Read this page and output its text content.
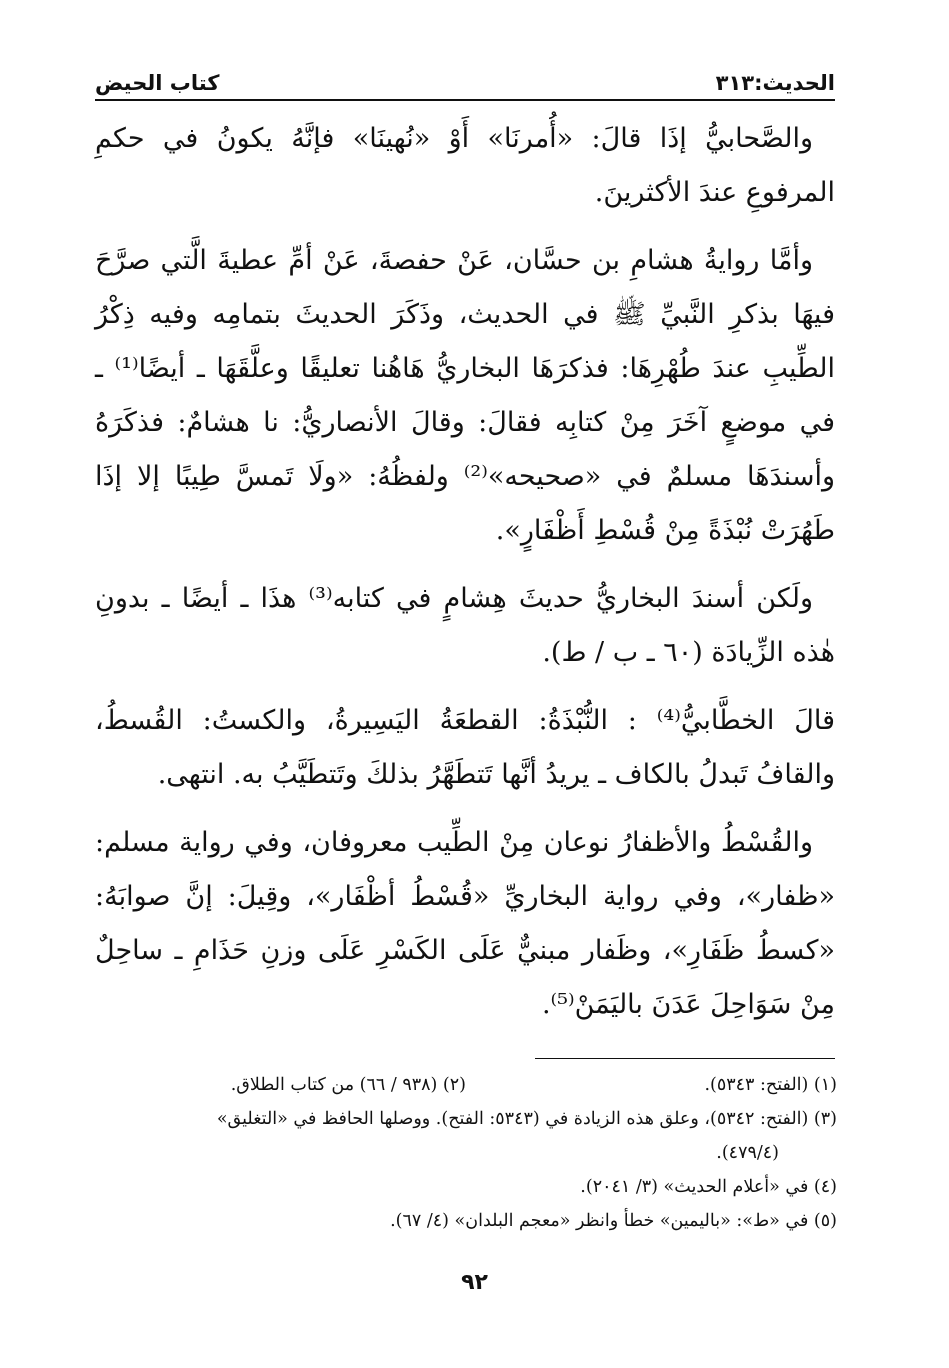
كتاب الحيض	الحديث:٣١٣

والصَّحابيُّ إذَا قالَ: «أُمرنَا» أَوْ «نُهينَا» فإنَّهُ يكونُ في حكمِ المرفوعِ عندَ الأكثرينَ.

وأمَّا روايةُ هشامِ بن حسَّان، عَنْ حفصةَ، عَنْ أمِّ عطيةَ الَّتي صرَّحَ فيهَا بذكرِ النَّبيِّ ﷺ في الحديث، وذَكَرَ الحديثَ بتمامِه وفيه ذِكْرُ الطِّيبِ عندَ طُهْرِهَا: فذكرَهَا البخاريُّ هَاهُنا تعليقًا وعلَّقَهَا ـ أيضًا⁽¹⁾ ـ في موضعٍ آخَرَ مِنْ كتابِه فقالَ: وقالَ الأنصاريُّ: نا هشامٌ: فذكَرَهُ وأسندَهَا مسلمٌ في «صحيحه»⁽²⁾ ولفظُهُ: «ولَا تَمسَّ طِيبًا إلا إذَا طَهُرَتْ نُبْذَةً مِنْ قُسْطِ أَظْفَارٍ».

ولَكن أسندَ البخاريُّ حديثَ هِشامٍ في كتابه⁽³⁾ هذَا ـ أيضًا ـ بدونِ هٰذه الزِّيادَة (٦٠ ـ ب / ط).

قالَ الخطَّابيُّ⁽⁴⁾ : النُّبْذَةُ: القطعَةُ اليَسِيرةُ، والكستُ: القُسطُ، والقافُ تَبدلُ بالكاف ـ يريدُ أنَّها تَتطَهَّرُ بذلكَ وتَتطَيَّبُ به. انتهى.

والقُسْطُ والأظفارُ نوعان مِنْ الطِّيب معروفان، وفي رواية مسلم: «ظفار»، وفي رواية البخاريِّ «قُسْطُ أظْفَار»، وقِيلَ: إنَّ صوابَهُ: «كسطُ ظَفَارِ»، وظَفار مبنيٌّ عَلَى الكَسْرِ عَلَى وزنِ حَذَامِ ـ ساحِلٌ مِنْ سَوَاحِلَ عَدَنَ باليَمَنْ⁽⁵⁾.

(١) (الفتح: ٥٣٤٣).
(٢) (٩٣٨ / ٦٦) من كتاب الطلاق.
(٣) (الفتح: ٥٣٤٢)، وعلق هذه الزيادة في (٥٣٤٣: الفتح). ووصلها الحافظ في «التغليق»
(٤٧٩/٤).
(٤) في «أعلام الحديث» (٣/ ٢٠٤١).
(٥) في «ط»: «باليمين» خطأ وانظر «معجم البلدان» (٤/ ٦٧).
٩٢
